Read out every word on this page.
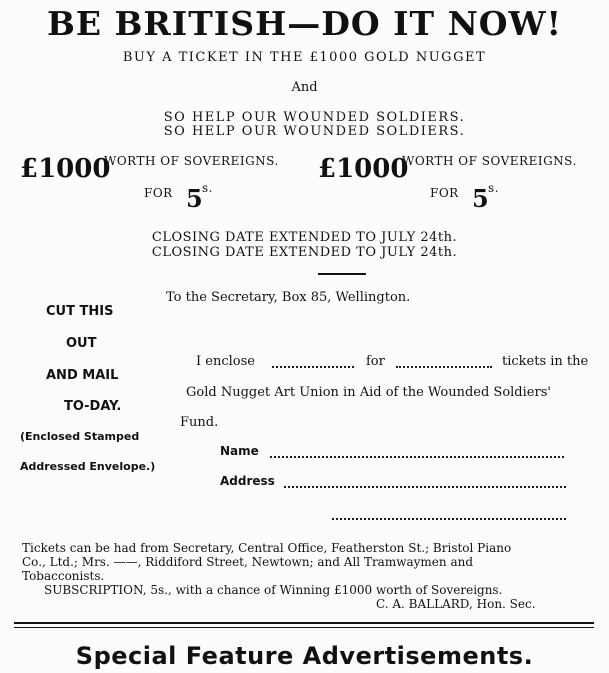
BE BRITISH—DO IT NOW!
BUY A TICKET IN THE £1000 GOLD NUGGET
And
SO HELP OUR WOUNDED SOLDIERS.
SO HELP OUR WOUNDED SOLDIERS.
£1000
WORTH OF SOVEREIGNS.
FOR 5 s.
£1000
WORTH OF SOVEREIGNS.
FOR 5 s.
CLOSING DATE EXTENDED TO JULY 24th.
CLOSING DATE EXTENDED TO JULY 24th.
CUT THIS
OUT
AND MAIL
TO-DAY.
(Enclosed Stamped
Addressed Envelope.)
To the Secretary, Box 85, Wellington.
I enclose	for	tickets in the
Gold Nugget Art Union in Aid of the Wounded Soldiers'
Fund.
Name
Address
Tickets can be had from Secretary, Central Office, Featherston St.; Bristol Piano
Co., Ltd.; Mrs. ——, Riddiford Street, Newtown; and All Tramwaymen and
Tobacconists.
SUBSCRIPTION, 5s., with a chance of Winning £1000 worth of Sovereigns.
C. A. BALLARD, Hon. Sec.
Special Feature Advertisements.
